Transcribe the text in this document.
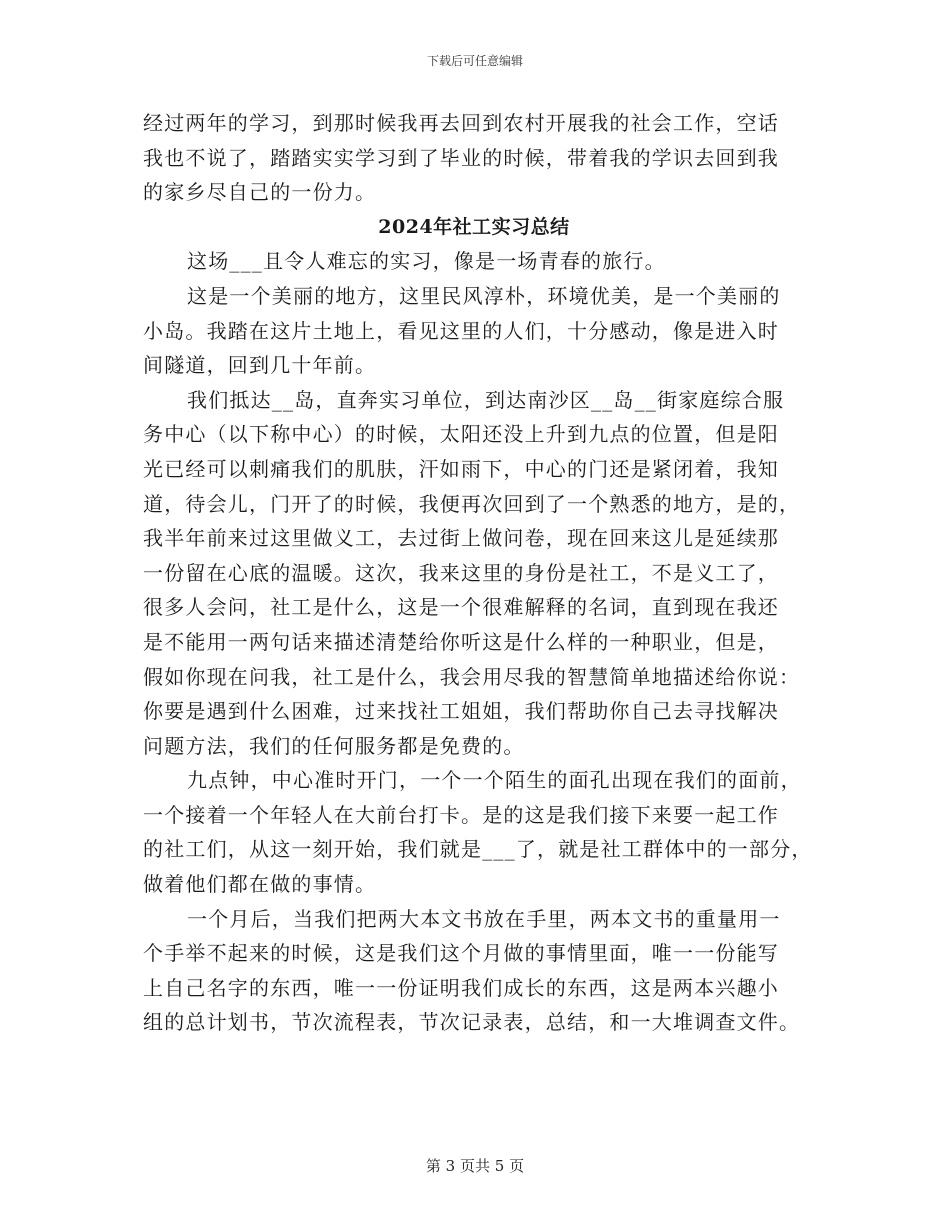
下载后可任意编辑
经过两年的学习，到那时候我再去回到农村开展我的社会工作，空话
我也不说了，踏踏实实学习到了毕业的时候，带着我的学识去回到我
的家乡尽自己的一份力。
2024年社工实习总结
这场___且令人难忘的实习，像是一场青春的旅行。
这是一个美丽的地方，这里民风淳朴，环境优美，是一个美丽的
小岛。我踏在这片土地上，看见这里的人们，十分感动，像是进入时
间隧道，回到几十年前。
我们抵达__岛，直奔实习单位，到达南沙区__岛__街家庭综合服
务中心（以下称中心）的时候，太阳还没上升到九点的位置，但是阳
光已经可以刺痛我们的肌肤，汗如雨下，中心的门还是紧闭着，我知
道，待会儿，门开了的时候，我便再次回到了一个熟悉的地方，是的，
我半年前来过这里做义工，去过街上做问卷，现在回来这儿是延续那
一份留在心底的温暖。这次，我来这里的身份是社工，不是义工了，
很多人会问，社工是什么，这是一个很难解释的名词，直到现在我还
是不能用一两句话来描述清楚给你听这是什么样的一种职业，但是，
假如你现在问我，社工是什么，我会用尽我的智慧简单地描述给你说：
你要是遇到什么困难，过来找社工姐姐，我们帮助你自己去寻找解决
问题方法，我们的任何服务都是免费的。
九点钟，中心准时开门，一个一个陌生的面孔出现在我们的面前，
一个接着一个年轻人在大前台打卡。是的这是我们接下来要一起工作
的社工们，从这一刻开始，我们就是___了，就是社工群体中的一部分，
做着他们都在做的事情。
一个月后，当我们把两大本文书放在手里，两本文书的重量用一
个手举不起来的时候，这是我们这个月做的事情里面，唯一一份能写
上自己名字的东西，唯一一份证明我们成长的东西，这是两本兴趣小
组的总计划书，节次流程表，节次记录表，总结，和一大堆调查文件。
第 3 页共 5 页
